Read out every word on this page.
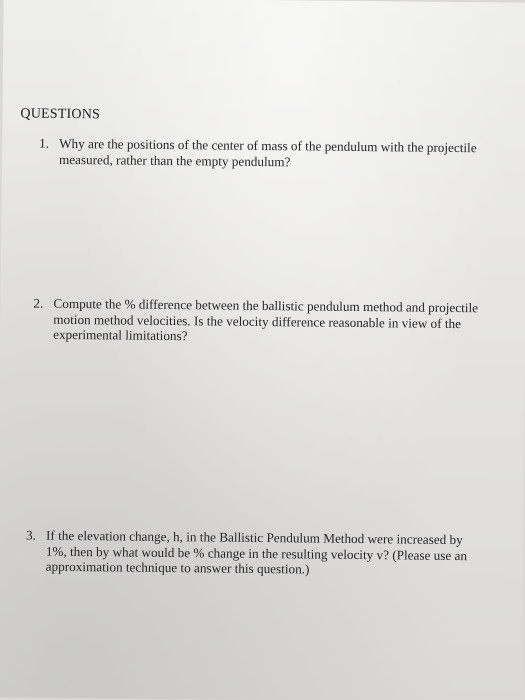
QUESTIONS
1. Why are the positions of the center of mass of the pendulum with the projectile
measured, rather than the empty pendulum?
2. Compute the % difference between the ballistic pendulum method and projectile
motion method velocities. Is the velocity difference reasonable in view of the
experimental limitations?
3. If the elevation change, h, in the Ballistic Pendulum Method were increased by
1%, then by what would be % change in the resulting velocity v? (Please use an
approximation technique to answer this question.)
